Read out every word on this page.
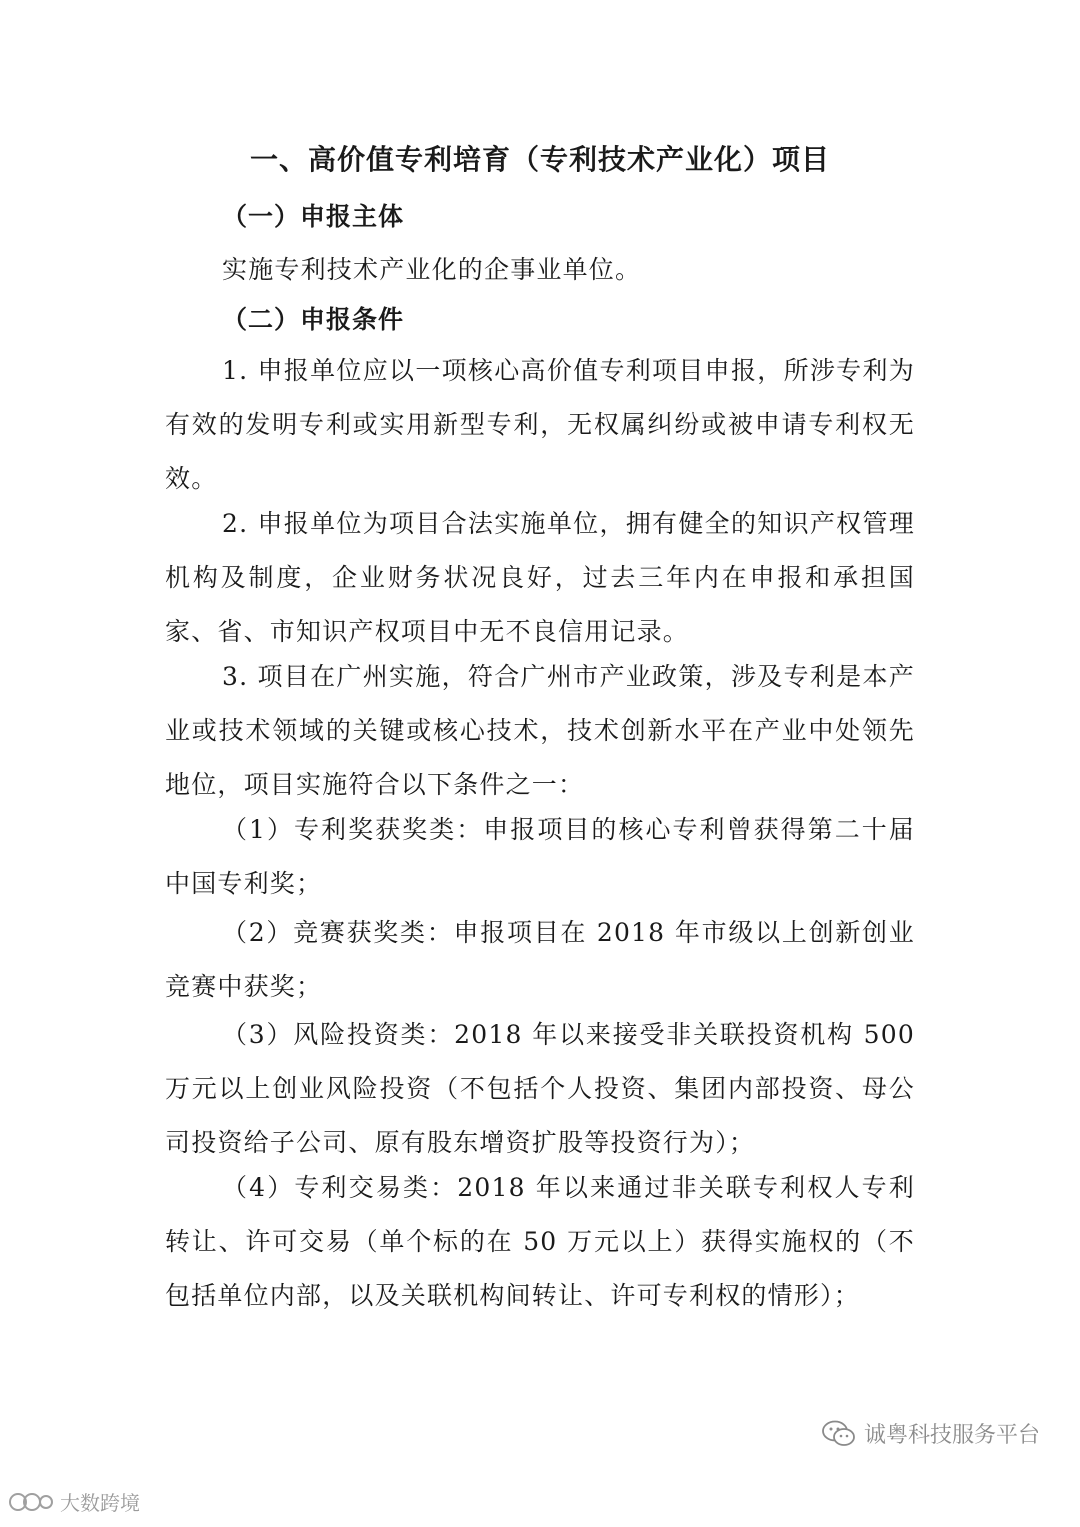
一、高价值专利培育（专利技术产业化）项目
（一）申报主体

实施专利技术产业化的企事业单位。

（二）申报条件

1. 申报单位应以一项核心高价值专利项目申报，所涉专利为有效的发明专利或实用新型专利，无权属纠纷或被申请专利权无效。

2. 申报单位为项目合法实施单位，拥有健全的知识产权管理机构及制度，企业财务状况良好，过去三年内在申报和承担国家、省、市知识产权项目中无不良信用记录。

3. 项目在广州实施，符合广州市产业政策，涉及专利是本产业或技术领域的关键或核心技术，技术创新水平在产业中处领先地位，项目实施符合以下条件之一：

（1）专利奖获奖类：申报项目的核心专利曾获得第二十届中国专利奖；

（2）竞赛获奖类：申报项目在 2018 年市级以上创新创业竞赛中获奖；

（3）风险投资类：2018 年以来接受非关联投资机构 500 万元以上创业风险投资（不包括个人投资、集团内部投资、母公司投资给子公司、原有股东增资扩股等投资行为）；

（4）专利交易类：2018 年以来通过非关联专利权人专利转让、许可交易（单个标的在 50 万元以上）获得实施权的（不包括单位内部，以及关联机构间转让、许可专利权的情形）；

诚粤科技服务平台
大数跨境
